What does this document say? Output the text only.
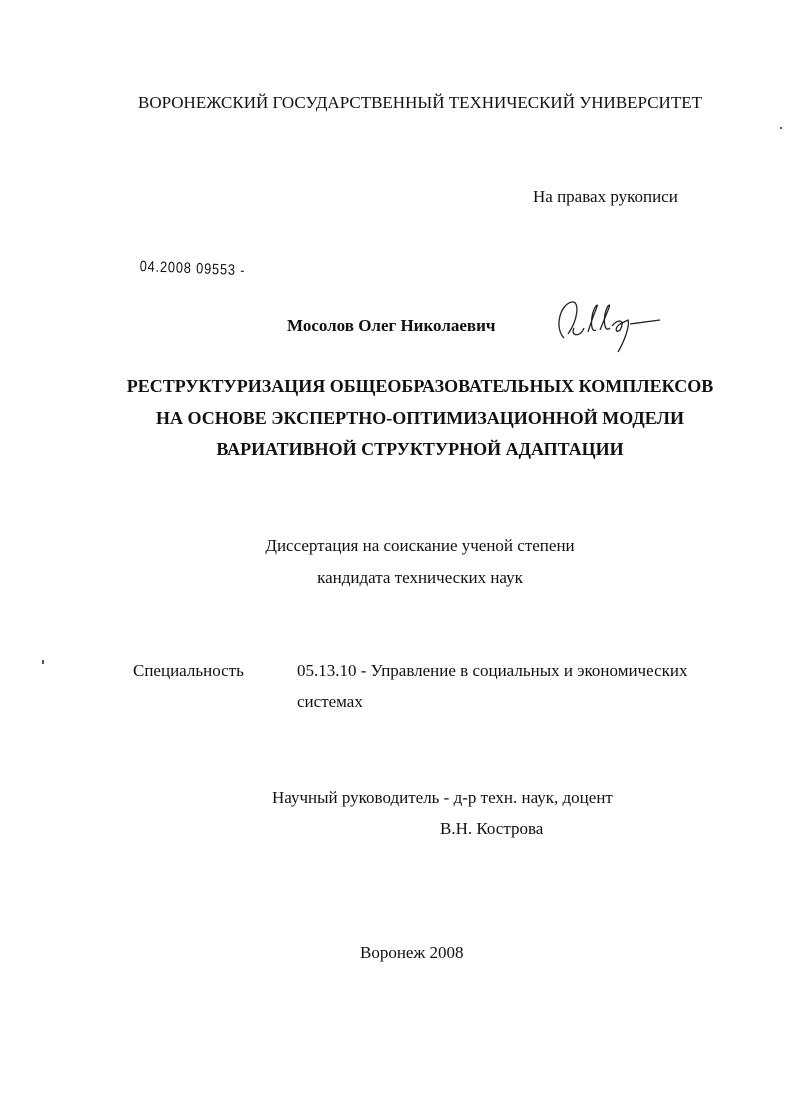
ВОРОНЕЖСКИЙ ГОСУДАРСТВЕННЫЙ ТЕХНИЧЕСКИЙ УНИВЕРСИТЕТ
На правах рукописи
04.2008 09553 -
Мосолов Олег Николаевич
РЕСТРУКТУРИЗАЦИЯ ОБЩЕОБРАЗОВАТЕЛЬНЫХ КОМПЛЕКСОВ
НА ОСНОВЕ ЭКСПЕРТНО-ОПТИМИЗАЦИОННОЙ МОДЕЛИ
ВАРИАТИВНОЙ СТРУКТУРНОЙ АДАПТАЦИИ
Диссертация на соискание ученой степени
кандидата технических наук
Специальность	05.13.10 - Управление в социальных и экономических
системах
Научный руководитель - д-р техн. наук, доцент
В.Н. Кострова
Воронеж 2008
